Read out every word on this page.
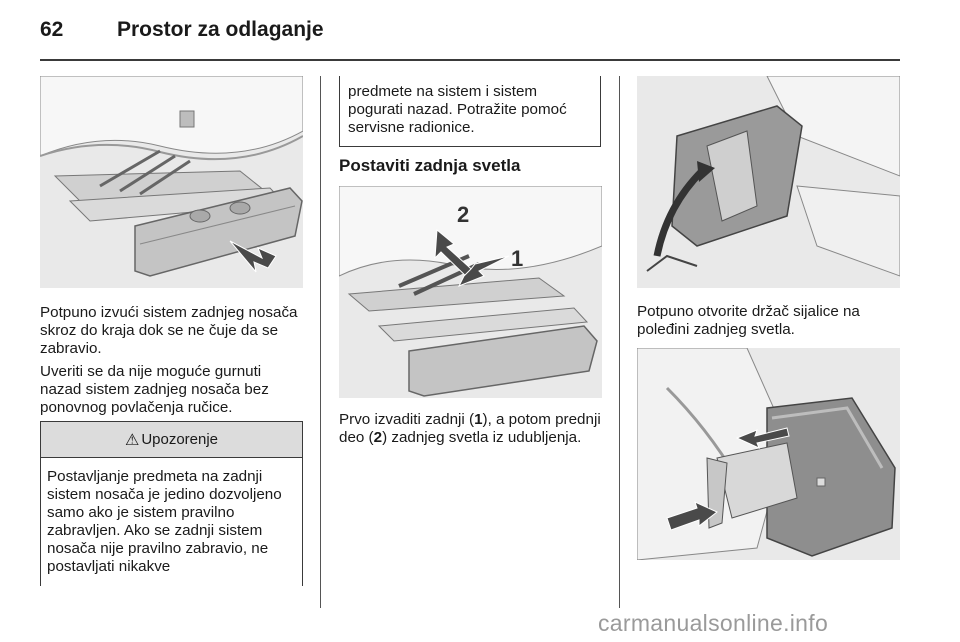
62	Prostor za odlaganje
Potpuno izvući sistem zadnjeg nosača skroz do kraja dok se ne čuje da se zabravio.
Uveriti se da nije moguće gurnuti nazad sistem zadnjeg nosača bez ponovnog povlačenja ručice.
⚠ Upozorenje
Postavljanje predmeta na zadnji sistem nosača je jedino dozvoljeno samo ako je sistem pravilno zabravljen. Ako se zadnji sistem nosača nije pravilno zabravio, ne postavljati nikakve
predmete na sistem i sistem pogurati nazad. Potražite pomoć servisne radionice.
Postaviti zadnja svetla
2
1
Prvo izvaditi zadnji (1), a potom prednji deo (2) zadnjeg svetla iz udubljenja.
Potpuno otvorite držač sijalice na poleđini zadnjeg svetla.
carmanualsonline.info
